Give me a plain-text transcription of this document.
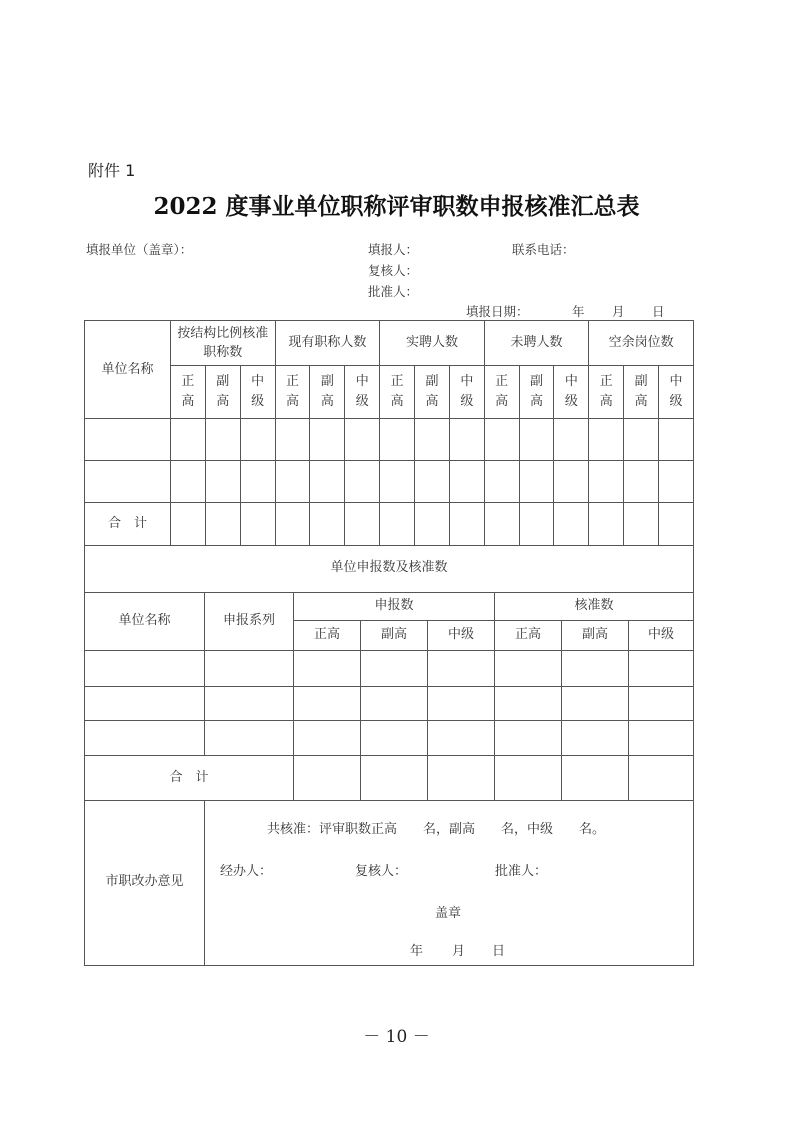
附件 1
2022 度事业单位职称评审职数申报核准汇总表
填报单位（盖章）：	填报人：	联系电话：
复核人：
批准人：
填报日期：	年 月 日
单位名称	按结构比例核准职称数			现有职称人数			实聘人数			未聘人数			空余岗位数		
	正高	副高	中级	正高	副高	中级	正高	副高	中级	正高	副高	中级	正高	副高	中级

合　计															
单位申报数及核准数							
单位名称	申报系列	申报数			核准数		
		正高	副高	中级	正高	副高	中级

合　计							
市职改办意见	
共核准：评审职数正高　　名，副高　　名，中级　　名。
经办人：	复核人：	批准人：
盖章
年 月 日
－ 10 －
